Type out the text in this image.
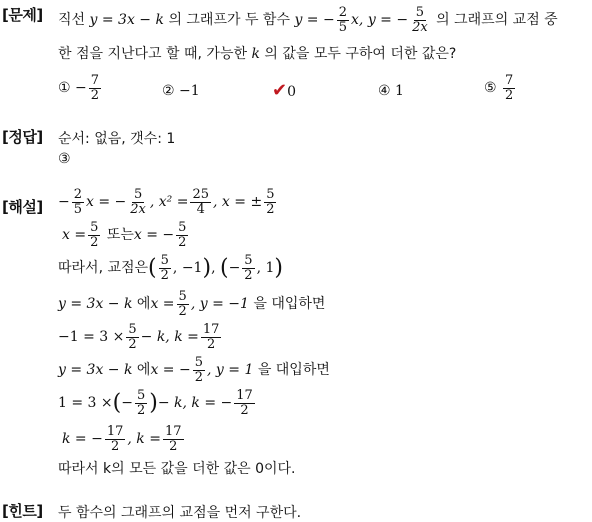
[문제] 직선 y = 3x − k 의 그래프가 두 함수 y = − $\frac{2}{5} x$, y = − $\frac{5}{2x}$ 의 그래프의 교점 중
한 점을 지난다고 할 때, 가능한 k 의 값을 모두 구하여 더한 값은?
① − $\frac{7}{2}$	② −1	✔0	④ 1	⑤ $\frac{7}{2}$
[정답] 순서: 없음, 갯수: 1
③
[해설] − $\frac{2}{5}$ x = − $\frac{5}{2x}$ , $x^2 = \frac{25}{4}$ , x = ± $\frac{5}{2}$
$x = \frac{5}{2}$ 또는x = − $\frac{5}{2}$
따라서, 교점은( $\frac{5}{2}$ , −1), (− $\frac{5}{2}$ , 1)
y = 3x − k 에$x = \frac{5}{2}$ , y = −1 을 대입하면
$-1 = 3 \times \frac{5}{2} - k$, $k = \frac{17}{2}$
y = 3x − k 에x = − $\frac{5}{2}$ , y = 1 을 대입하면
1 = 3 ×(− $\frac{5}{2}$ )− k, k = − $\frac{17}{2}$
k = − $\frac{17}{2}$ , $k = \frac{17}{2}$
따라서 k의 모든 값을 더한 값은 0이다.
[힌트] 두 함수의 그래프의 교점을 먼저 구한다.
